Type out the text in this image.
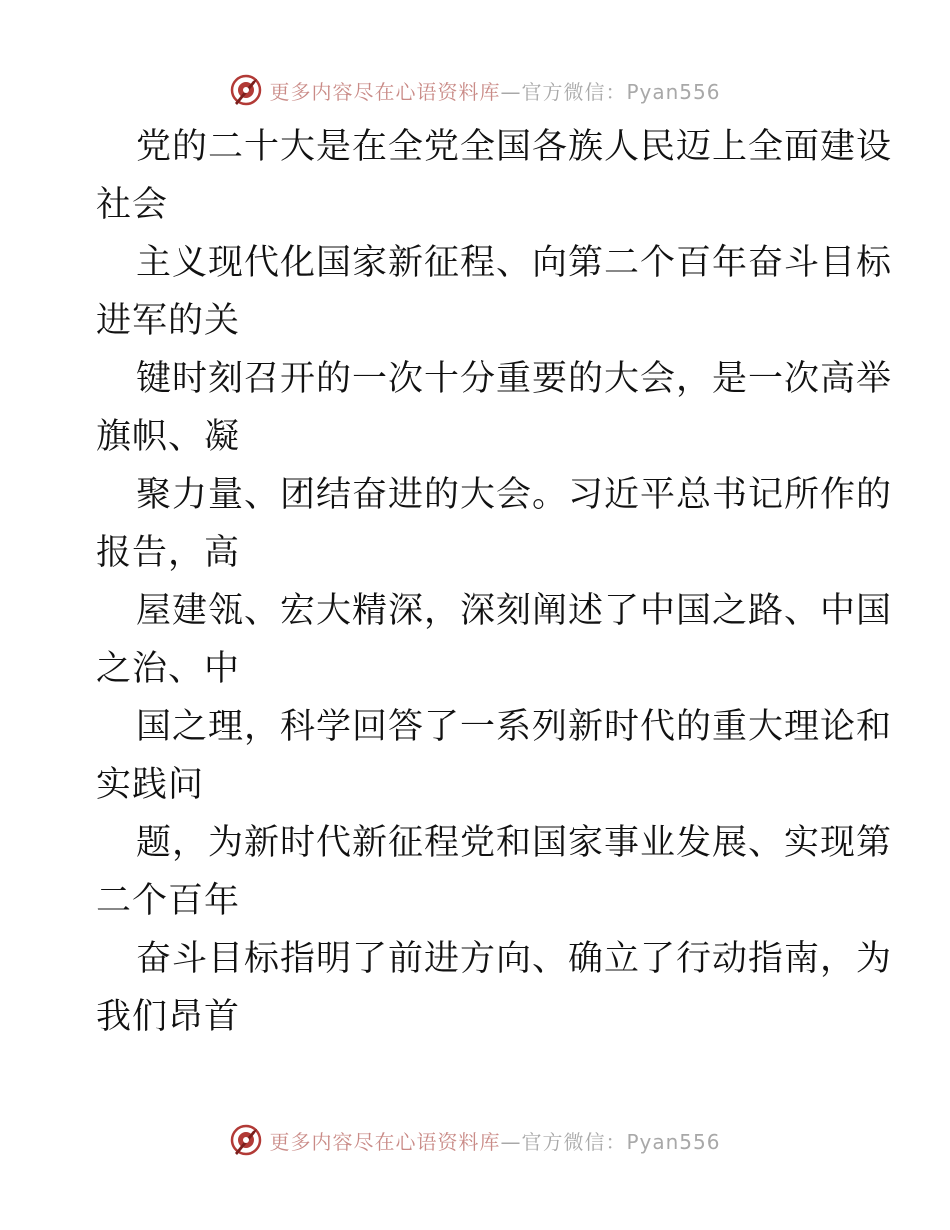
更多内容尽在心语资料库—官方微信：Pyan556
党的二十大是在全党全国各族人民迈上全面建设
社会
主义现代化国家新征程、向第二个百年奋斗目标
进军的关
键时刻召开的一次十分重要的大会，是一次高举
旗帜、凝
聚力量、团结奋进的大会。习近平总书记所作的
报告，高
屋建瓴、宏大精深，深刻阐述了中国之路、中国
之治、中
国之理，科学回答了一系列新时代的重大理论和
实践问
题，为新时代新征程党和国家事业发展、实现第
二个百年
奋斗目标指明了前进方向、确立了行动指南，为
我们昂首
更多内容尽在心语资料库—官方微信：Pyan556
